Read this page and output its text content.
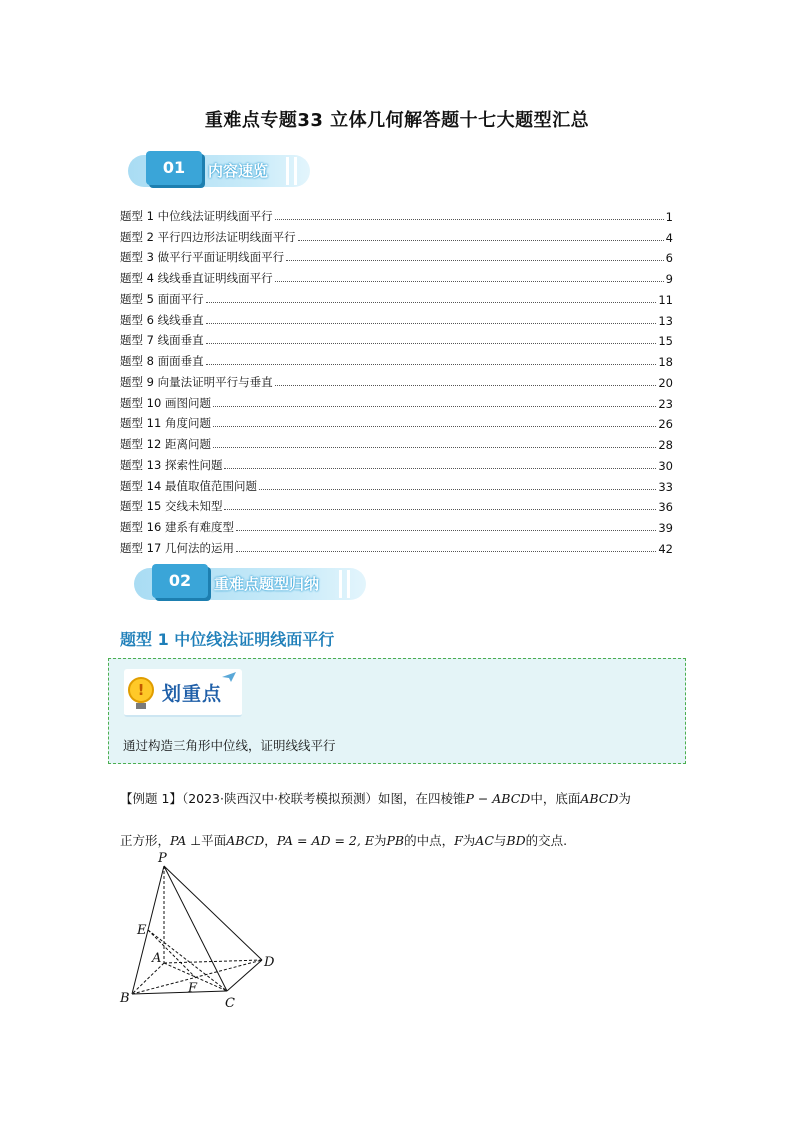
重难点专题33 立体几何解答题十七大题型汇总
01	内容速览
题型 1 中位线法证明线面平行	1
题型 2 平行四边形法证明线面平行	4
题型 3 做平行平面证明线面平行	6
题型 4 线线垂直证明线面平行	9
题型 5 面面平行	11
题型 6 线线垂直	13
题型 7 线面垂直	15
题型 8 面面垂直	18
题型 9 向量法证明平行与垂直	20
题型 10 画图问题	23
题型 11 角度问题	26
题型 12 距离问题	28
题型 13 探索性问题	30
题型 14 最值取值范围问题	33
题型 15 交线未知型	36
题型 16 建系有难度型	39
题型 17 几何法的运用	42
02	重难点题型归纳
题型 1 中位线法证明线面平行
! 划重点
通过构造三角形中位线，证明线线平行
【例题 1】（2023·陕西汉中·校联考模拟预测）如图，在四棱锥P − ABCD中，底面ABCD为
正方形，PA ⊥平面ABCD，PA = AD = 2, E为PB的中点，F为AC与BD的交点.
P
E
A	D
F
B	C
